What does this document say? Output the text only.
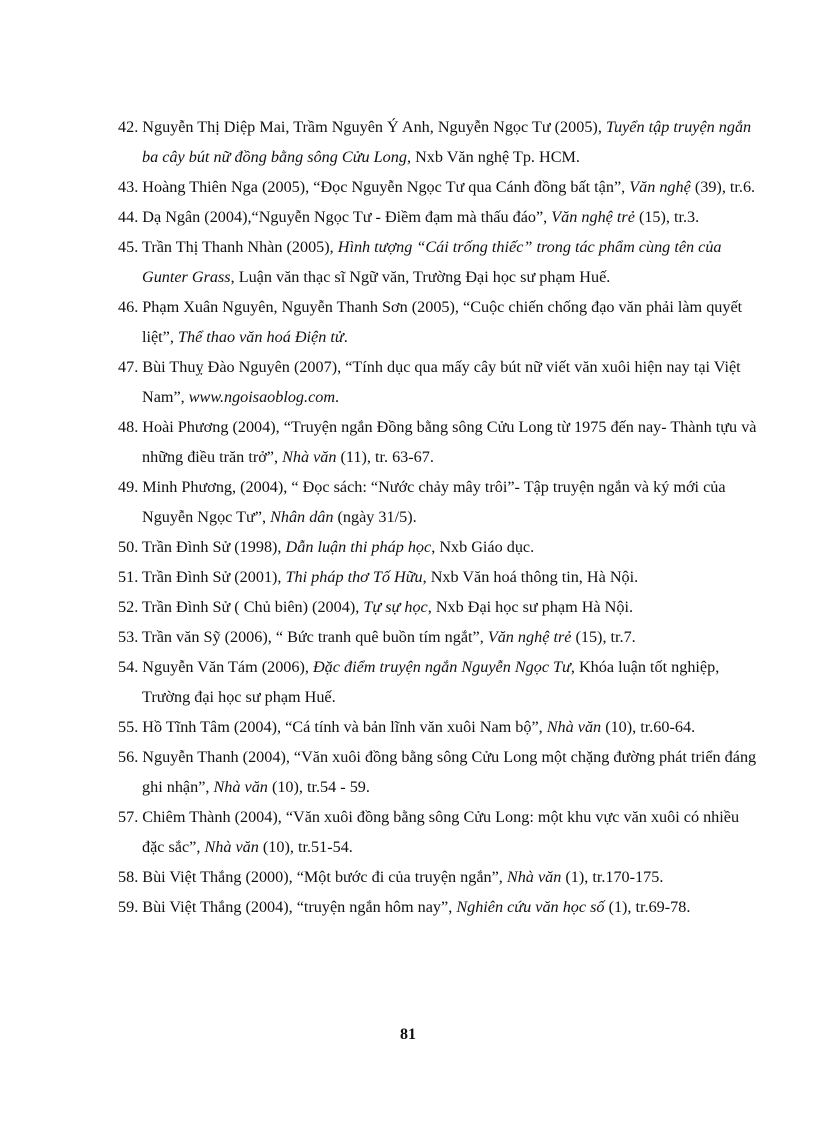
42. Nguyễn Thị Diệp Mai, Trầm Nguyên Ý Anh, Nguyễn Ngọc Tư (2005), Tuyển tập truyện ngắn ba cây bút nữ đồng bằng sông Cửu Long, Nxb Văn nghệ Tp. HCM.
43. Hoàng Thiên Nga (2005), “Đọc Nguyễn Ngọc Tư qua Cánh đồng bất tận”, Văn nghệ (39), tr.6.
44. Dạ Ngân (2004),“Nguyễn Ngọc Tư - Điềm đạm mà thấu đáo”, Văn nghệ trẻ (15), tr.3.
45. Trần Thị Thanh Nhàn (2005), Hình tượng “Cái trống thiếc” trong tác phẩm cùng tên của Gunter Grass, Luận văn thạc sĩ Ngữ văn, Trường Đại học sư phạm Huế.
46. Phạm Xuân Nguyên, Nguyễn Thanh Sơn (2005), “Cuộc chiến chống đạo văn phải làm quyết liệt”, Thể thao văn hoá Điện tử.
47. Bùi Thuỵ Đào Nguyên (2007), “Tính dục qua mấy cây bút nữ viết văn xuôi hiện nay tại Việt Nam”, www.ngoisaoblog.com.
48. Hoài Phương (2004), “Truyện ngắn Đồng bằng sông Cửu Long từ 1975 đến nay- Thành tựu và những điều trăn trở”, Nhà văn (11), tr. 63-67.
49. Minh Phương, (2004), “ Đọc sách: “Nước chảy mây trôi”- Tập truyện ngắn và ký mới của Nguyễn Ngọc Tư”, Nhân dân (ngày 31/5).
50. Trần Đình Sử (1998), Dẫn luận thi pháp học, Nxb Giáo dục.
51. Trần Đình Sử (2001), Thi pháp thơ Tố Hữu, Nxb Văn hoá thông tin, Hà Nội.
52. Trần Đình Sử ( Chủ biên) (2004), Tự sự học, Nxb Đại học sư phạm Hà Nội.
53. Trần văn Sỹ (2006), “ Bức tranh quê buồn tím ngắt”, Văn nghệ trẻ (15), tr.7.
54. Nguyễn Văn Tám (2006), Đặc điểm truyện ngắn Nguyễn Ngọc Tư, Khóa luận tốt nghiệp, Trường đại học sư phạm Huế.
55. Hồ Tĩnh Tâm (2004), “Cá tính và bản lĩnh văn xuôi Nam bộ”, Nhà văn (10), tr.60-64.
56. Nguyễn Thanh (2004), “Văn xuôi đồng bằng sông Cửu Long một chặng đường phát triển đáng ghi nhận”, Nhà văn (10), tr.54 - 59.
57. Chiêm Thành (2004), “Văn xuôi đồng bằng sông Cửu Long: một khu vực văn xuôi có nhiều đặc sắc”, Nhà văn (10), tr.51-54.
58. Bùi Việt Thắng (2000), “Một bước đi của truyện ngắn”, Nhà văn (1), tr.170-175.
59. Bùi Việt Thắng (2004), “truyện ngắn hôm nay”, Nghiên cứu văn học số (1), tr.69-78.
81
